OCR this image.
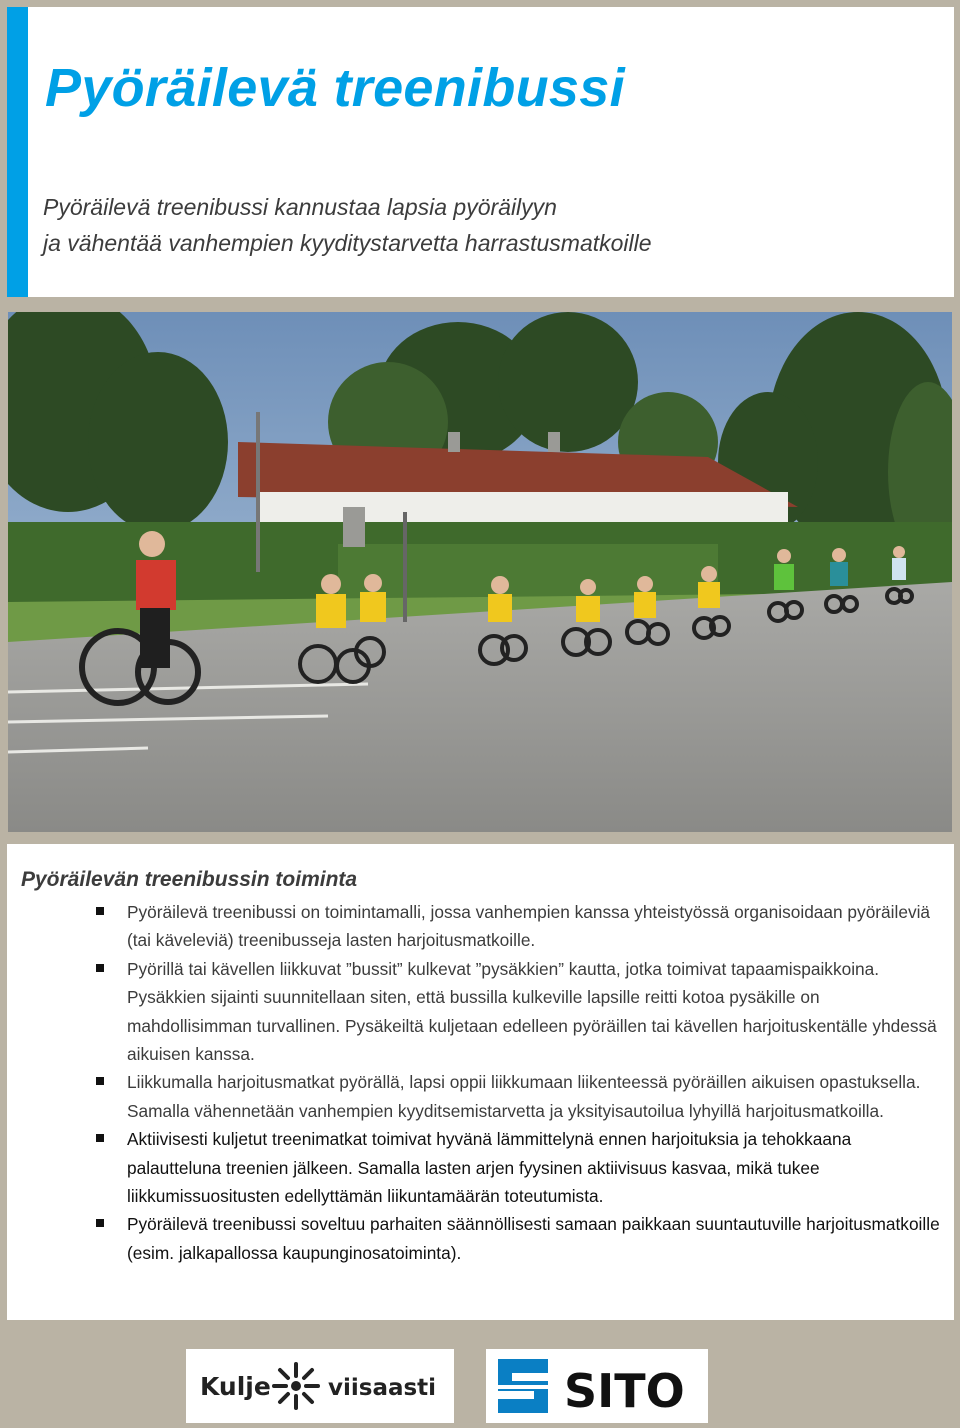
Pyöräilevä treenibussi

Pyöräilevä treenibussi kannustaa lapsia pyöräilyyn
ja vähentää vanhempien kyyditystarvetta harrastusmatkoille

Pyöräilevän treenibussin toiminta
Pyöräilevä treenibussi on toimintamalli, jossa vanhempien kanssa yhteistyössä organisoidaan pyöräileviä (tai käveleviä) treenibusseja lasten harjoitusmatkoille.
Pyörillä tai kävellen liikkuvat ”bussit” kulkevat ”pysäkkien” kautta, jotka toimivat tapaamispaikkoina. Pysäkkien sijainti suunnitellaan siten, että bussilla kulkeville lapsille reitti kotoa pysäkille on mahdollisimman turvallinen. Pysäkeiltä kuljetaan edelleen pyöräillen tai kävellen harjoituskentälle yhdessä aikuisen kanssa.
Liikkumalla harjoitusmatkat pyörällä, lapsi oppii liikkumaan liikenteessä pyöräillen aikuisen opastuksella. Samalla vähennetään vanhempien kyyditsemistarvetta ja yksityisautoilua lyhyillä harjoitusmatkoilla.
Aktiivisesti kuljetut treenimatkat toimivat hyvänä lämmittelynä ennen harjoituksia ja tehokkaana palautteluna treenien jälkeen. Samalla lasten arjen fyysinen aktiivisuus kasvaa, mikä tukee liikkumissuositusten edellyttämän liikuntamäärän toteutumista.
Pyöräilevä treenibussi soveltuu parhaiten säännöllisesti samaan paikkaan suuntautuville harjoitusmatkoille (esim. jalkapallossa kaupunginosatoiminta).
Kulje viisaasti	SITO
